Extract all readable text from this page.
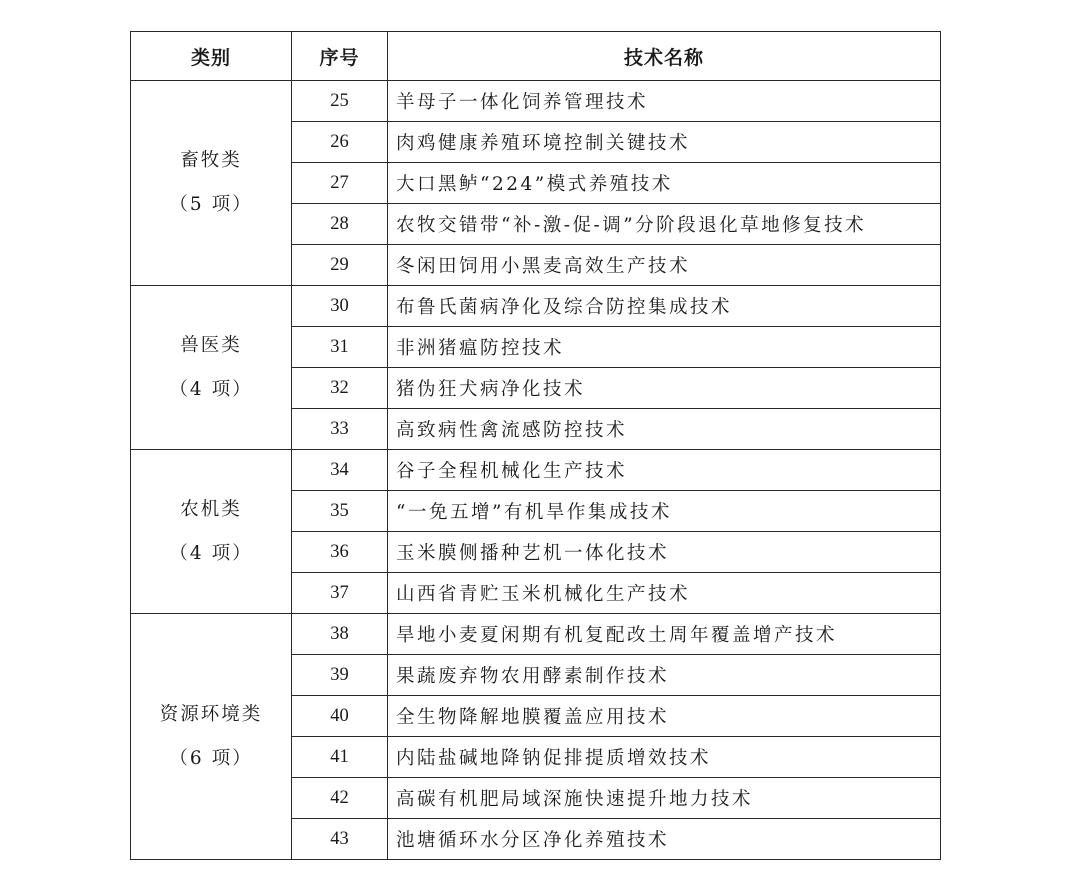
类别	序号	技术名称

畜牧类
（5 项）	25	羊母子一体化饲养管理技术
	26	肉鸡健康养殖环境控制关键技术
	27	大口黑鲈“224”模式养殖技术
	28	农牧交错带“补-激-促-调”分阶段退化草地修复技术
	29	冬闲田饲用小黑麦高效生产技术

兽医类
（4 项）	30	布鲁氏菌病净化及综合防控集成技术
	31	非洲猪瘟防控技术
	32	猪伪狂犬病净化技术
	33	高致病性禽流感防控技术

农机类
（4 项）	34	谷子全程机械化生产技术
	35	“一免五增”有机旱作集成技术
	36	玉米膜侧播种艺机一体化技术
	37	山西省青贮玉米机械化生产技术

资源环境类
（6 项）	38	旱地小麦夏闲期有机复配改土周年覆盖增产技术
	39	果蔬废弃物农用酵素制作技术
	40	全生物降解地膜覆盖应用技术
	41	内陆盐碱地降钠促排提质增效技术
	42	高碳有机肥局域深施快速提升地力技术
	43	池塘循环水分区净化养殖技术
